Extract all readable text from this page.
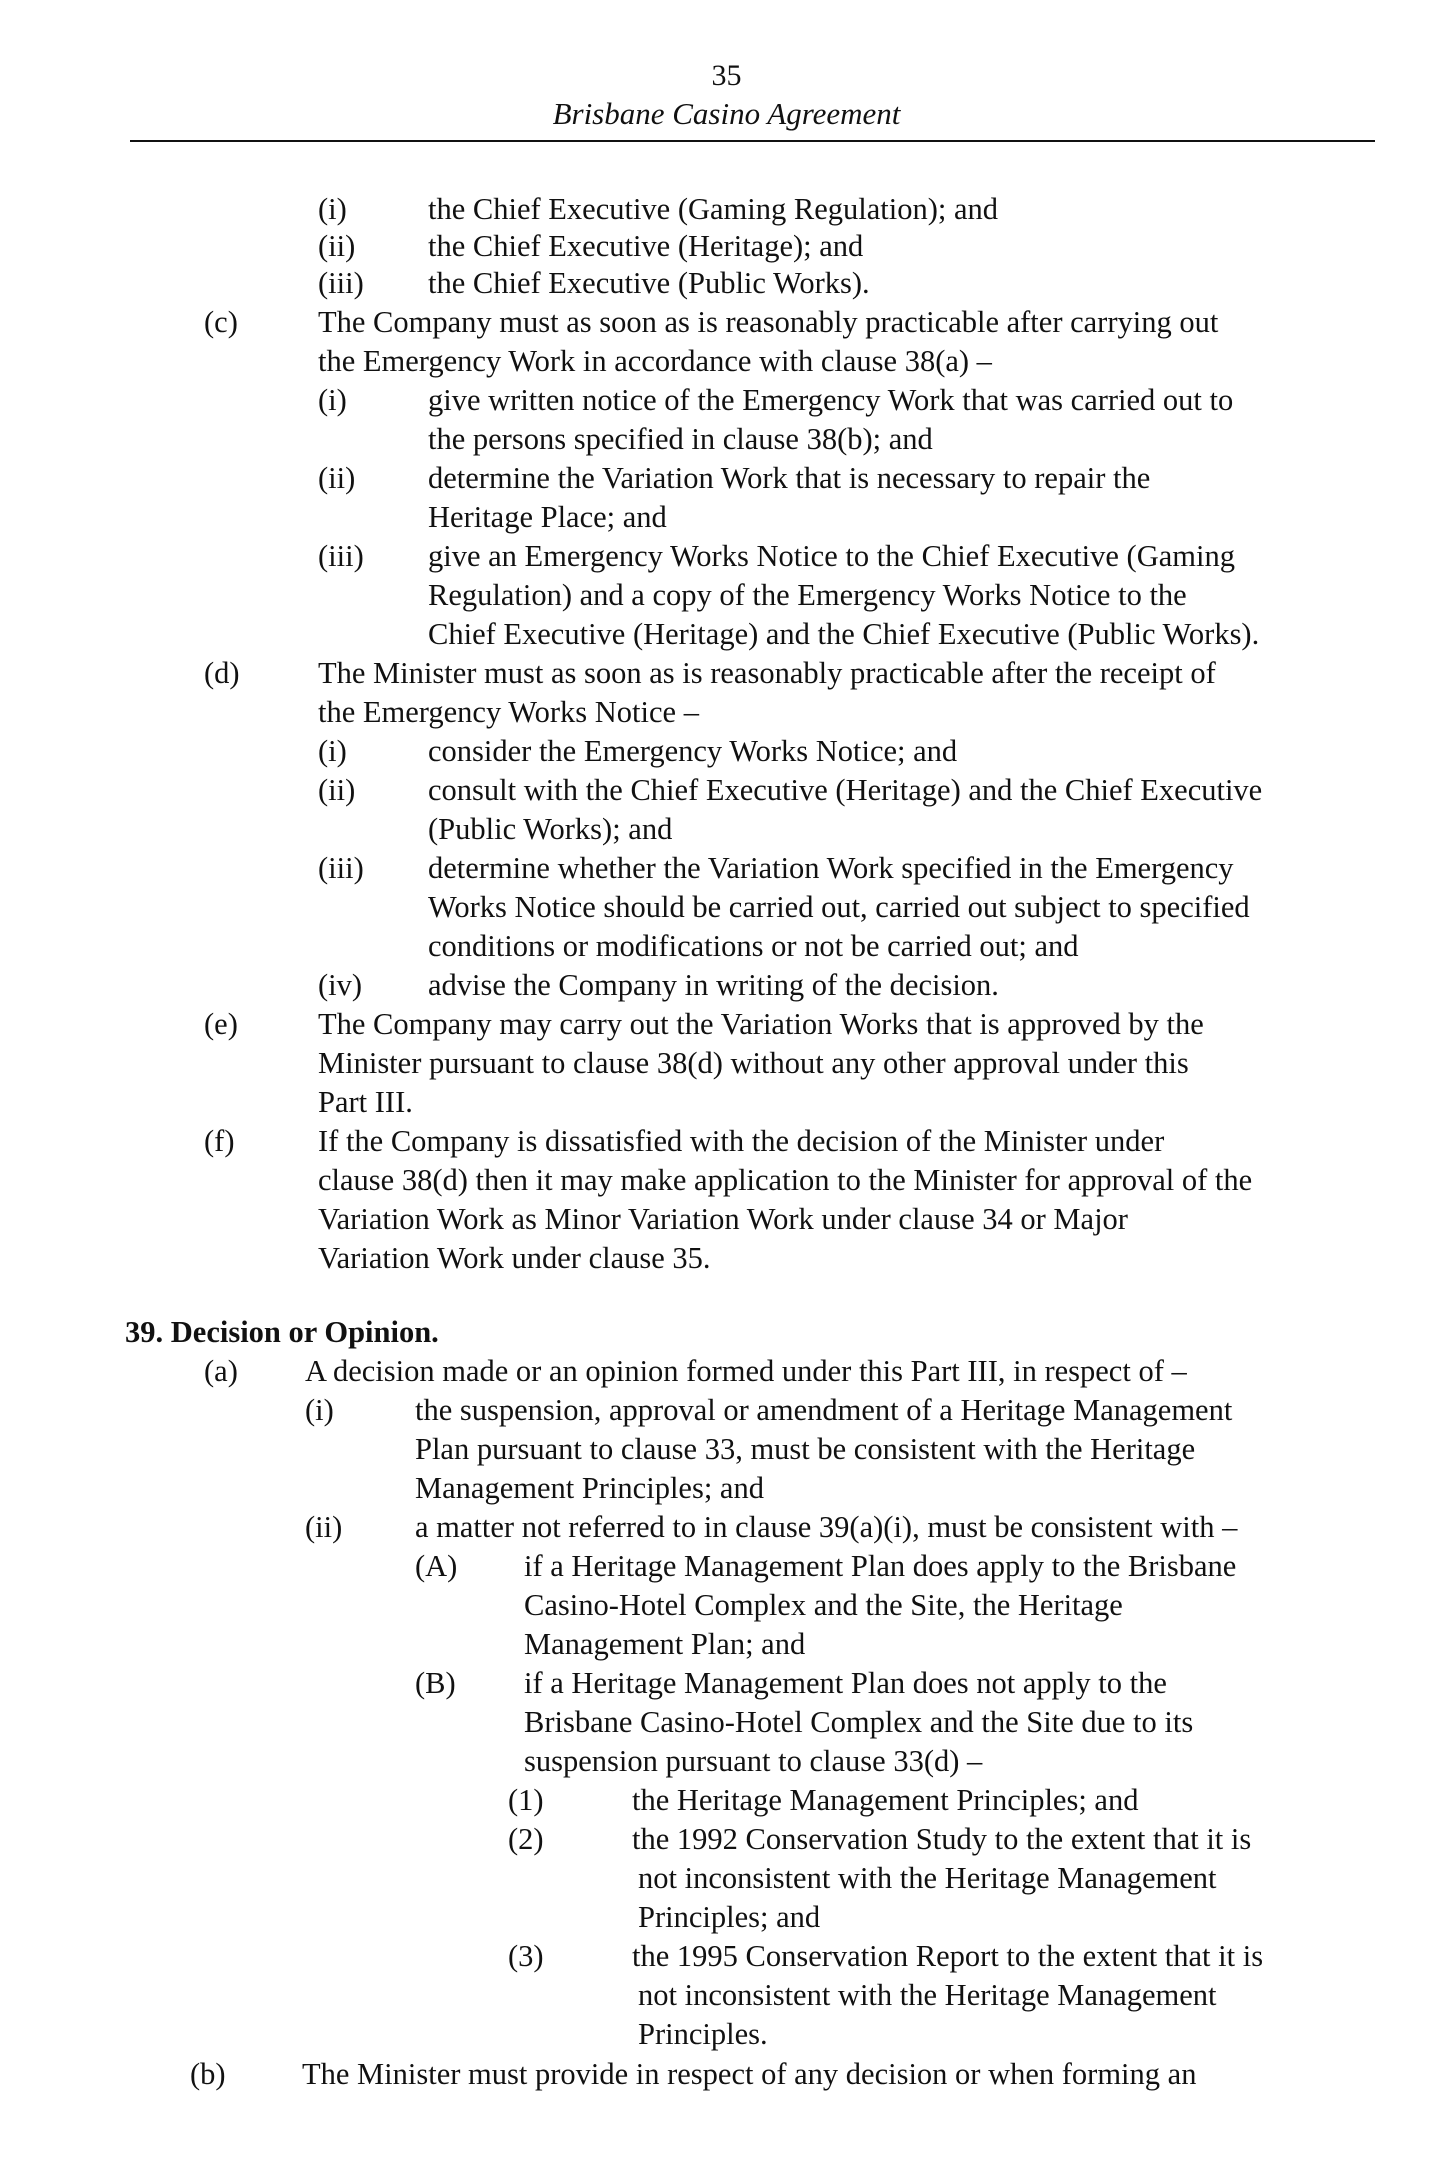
35
Brisbane Casino Agreement
(i)	the Chief Executive (Gaming Regulation); and
(ii) the Chief Executive (Heritage); and
(iii) the Chief Executive (Public Works).
(c)	The Company must as soon as is reasonably practicable after carrying out
the Emergency Work in accordance with clause 38(a) –
(i)	give written notice of the Emergency Work that was carried out to
the persons specified in clause 38(b); and
(ii) determine the Variation Work that is necessary to repair the
Heritage Place; and
(iii) give an Emergency Works Notice to the Chief Executive (Gaming
Regulation) and a copy of the Emergency Works Notice to the
Chief Executive (Heritage) and the Chief Executive (Public Works).
(d)	The Minister must as soon as is reasonably practicable after the receipt of
the Emergency Works Notice –
(i)	consider the Emergency Works Notice; and
(ii) consult with the Chief Executive (Heritage) and the Chief Executive
(Public Works); and
(iii) determine whether the Variation Work specified in the Emergency
Works Notice should be carried out, carried out subject to specified
conditions or modifications or not be carried out; and
(iv) advise the Company in writing of the decision.
(e)	The Company may carry out the Variation Works that is approved by the
Minister pursuant to clause 38(d) without any other approval under this
Part III.
(f)	If the Company is dissatisfied with the decision of the Minister under
clause 38(d) then it may make application to the Minister for approval of the
Variation Work as Minor Variation Work under clause 34 or Major
Variation Work under clause 35.
39. Decision or Opinion.
(a) A decision made or an opinion formed under this Part III, in respect of –
(i)	the suspension, approval or amendment of a Heritage Management
Plan pursuant to clause 33, must be consistent with the Heritage
Management Principles; and
(ii) a matter not referred to in clause 39(a)(i), must be consistent with –
(A) if a Heritage Management Plan does apply to the Brisbane
Casino-Hotel Complex and the Site, the Heritage
Management Plan; and
(B) if a Heritage Management Plan does not apply to the
Brisbane Casino-Hotel Complex and the Site due to its
suspension pursuant to clause 33(d) –
(1)	the Heritage Management Principles; and
(2)	the 1992 Conservation Study to the extent that it is
not inconsistent with the Heritage Management
Principles; and
(3)	the 1995 Conservation Report to the extent that it is
not inconsistent with the Heritage Management
Principles.
(b)	The Minister must provide in respect of any decision or when forming an
